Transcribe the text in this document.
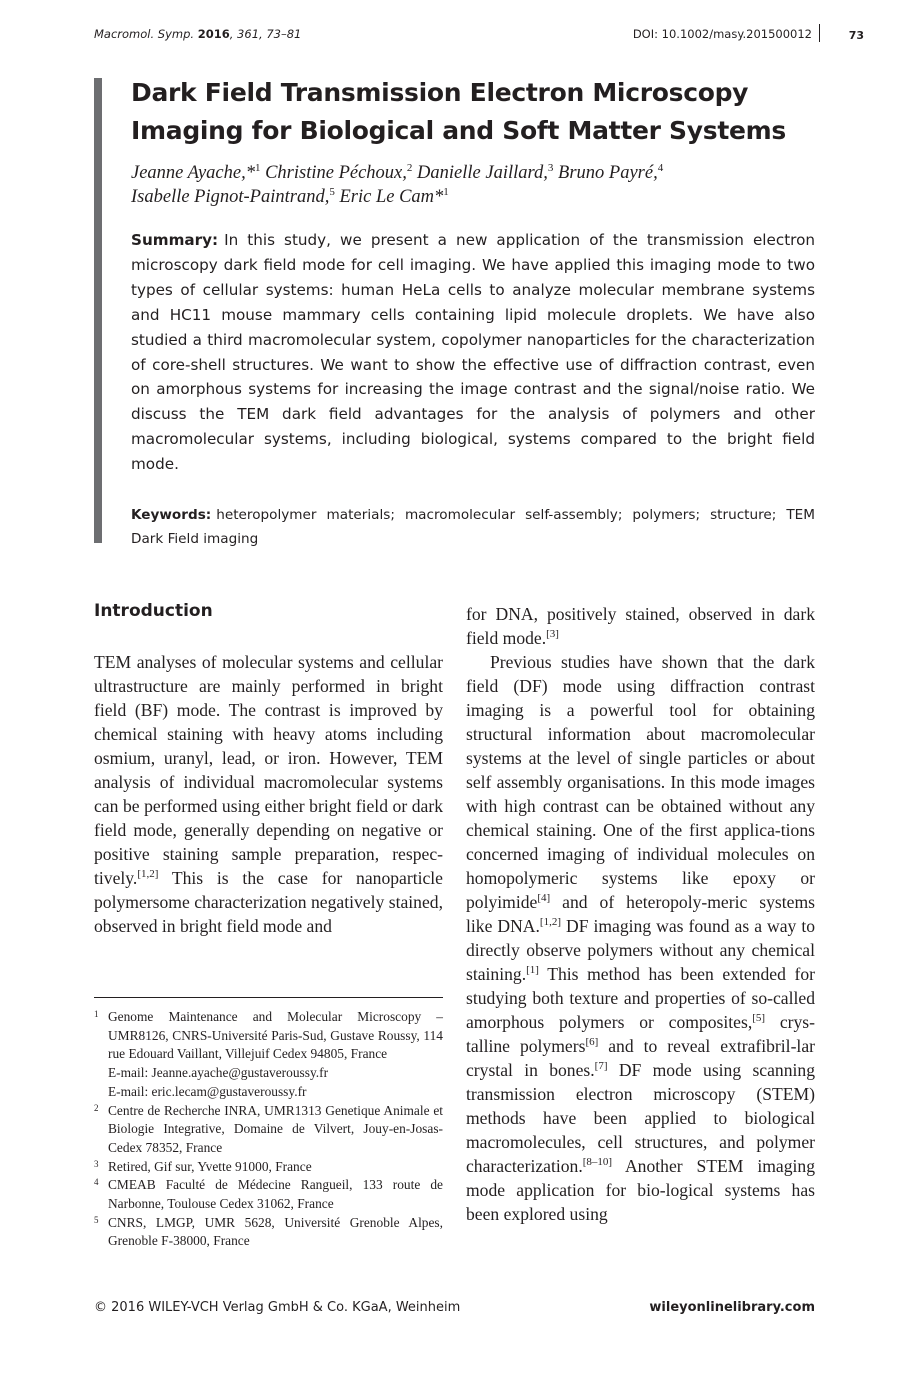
Macromol. Symp. 2016, 361, 73–81	DOI: 10.1002/masy.201500012	73
Dark Field Transmission Electron Microscopy
Imaging for Biological and Soft Matter Systems

Jeanne Ayache,*$^1$ Christine Péchoux,$^2$ Danielle Jaillard,$^3$ Bruno Payré,$^4$
Isabelle Pignot-Paintrand,$^5$ Eric Le Cam*$^1$

Summary: In this study, we present a new application of the transmission electron microscopy dark field mode for cell imaging. We have applied this imaging mode to two types of cellular systems: human HeLa cells to analyze molecular membrane systems and HC11 mouse mammary cells containing lipid molecule droplets. We have also studied a third macromolecular system, copolymer nanoparticles for the characterization of core-shell structures. We want to show the effective use of diffraction contrast, even on amorphous systems for increasing the image contrast and the signal/noise ratio. We discuss the TEM dark field advantages for the analysis of polymers and other macromolecular systems, including biological, systems compared to the bright field mode.

Keywords: heteropolymer materials; macromolecular self-assembly; polymers; structure; TEM Dark Field imaging

Introduction

TEM analyses of molecular systems and cellular ultrastructure are mainly performed in bright field (BF) mode. The contrast is improved by chemical staining with heavy atoms including osmium, uranyl, lead, or iron. However, TEM analysis of individual macromolecular systems can be performed using either bright field or dark field mode, generally depending on negative or positive staining sample preparation, respec-tively.[1,2] This is the case for nanoparticle polymersome characterization negatively stained, observed in bright field mode and

for DNA, positively stained, observed in dark field mode.[3]

Previous studies have shown that the dark field (DF) mode using diffraction contrast imaging is a powerful tool for obtaining structural information about macromolecular systems at the level of single particles or about self assembly organisations. In this mode images with high contrast can be obtained without any chemical staining. One of the first applica-tions concerned imaging of individual molecules on homopolymeric systems like epoxy or polyimide[4] and of heteropoly-meric systems like DNA.[1,2] DF imaging was found as a way to directly observe polymers without any chemical staining.[1] This method has been extended for studying both texture and properties of so-called amorphous polymers or composites,[5] crys-talline polymers[6] and to reveal extrafibril-lar crystal in bones.[7] DF mode using scanning transmission electron microscopy (STEM) methods have been applied to biological macromolecules, cell structures, and polymer characterization.[8–10] Another STEM imaging mode application for bio-logical systems has been explored using

1 Genome Maintenance and Molecular Microscopy – UMR8126, CNRS-Université Paris-Sud, Gustave Roussy, 114 rue Edouard Vaillant, Villejuif Cedex 94805, France
E-mail: Jeanne.ayache@gustaveroussy.fr
E-mail: eric.lecam@gustaveroussy.fr
2 Centre de Recherche INRA, UMR1313 Genetique Animale et Biologie Integrative, Domaine de Vilvert, Jouy-en-Josas-Cedex 78352, France
3 Retired, Gif sur, Yvette 91000, France
4 CMEAB Faculté de Médecine Rangueil, 133 route de Narbonne, Toulouse Cedex 31062, France
5 CNRS, LMGP, UMR 5628, Université Grenoble Alpes, Grenoble F-38000, France
© 2016 WILEY-VCH Verlag GmbH & Co. KGaA, Weinheim	wileyonlinelibrary.com
